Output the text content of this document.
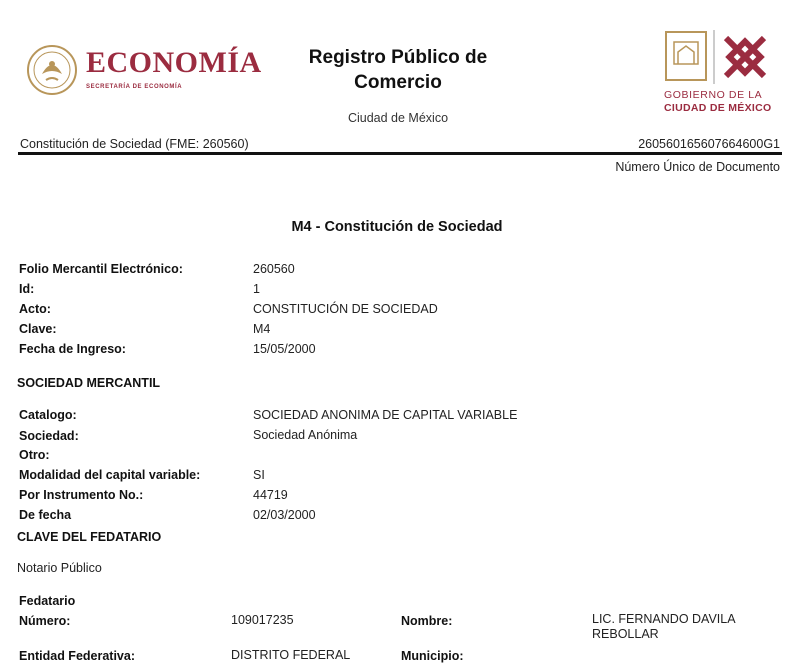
ECONOMÍA
SECRETARÍA DE ECONOMÍA
Registro Público de
Comercio
Ciudad de México
GOBIERNO DE LA
CIUDAD DE MÉXICO
Constitución de Sociedad (FME: 260560)	260560165607664600G1
Número Único de Documento
M4 - Constitución de Sociedad
Folio Mercantil Electrónico:	260560
Id:	1
Acto:	CONSTITUCIÓN DE SOCIEDAD
Clave:	M4
Fecha de Ingreso:	15/05/2000
SOCIEDAD MERCANTIL
Catalogo:	SOCIEDAD ANONIMA DE CAPITAL VARIABLE
Sociedad:	Sociedad Anónima
Otro:
Modalidad del capital variable:	SI
Por Instrumento No.:	44719
De fecha	02/03/2000
CLAVE DEL FEDATARIO
Notario Público
Fedatario
Número:	109017235	Nombre:	LIC. FERNANDO DAVILA REBOLLAR
Entidad Federativa:	DISTRITO FEDERAL	Municipio:
